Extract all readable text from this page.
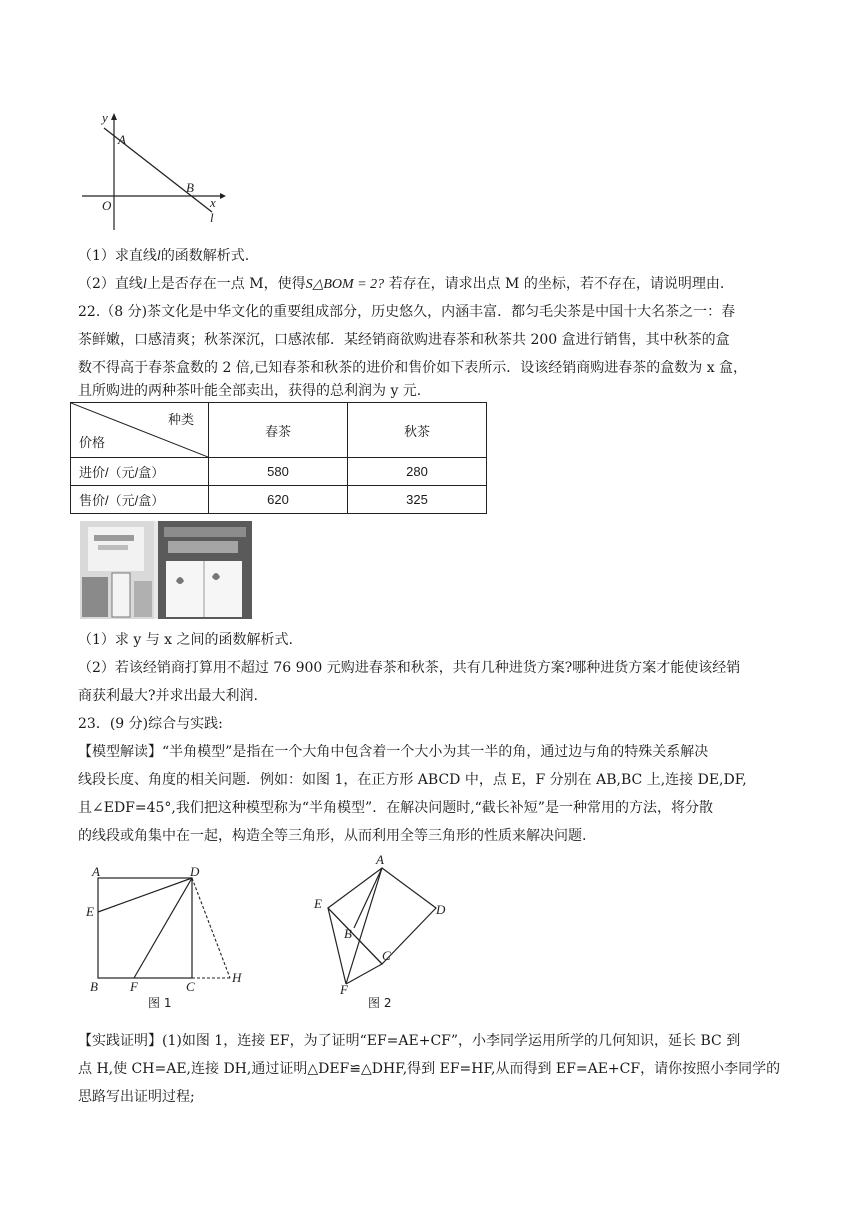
y
A
B
O	x
l

（1）求直线l的函数解析式.

（2）直线l上是否存在一点 M，使得S△BOM = 2? 若存在，请求出点 M 的坐标，若不存在，请说明理由.

22.（8 分)茶文化是中华文化的重要组成部分，历史悠久，内涵丰富．都匀毛尖茶是中国十大名茶之一：春

茶鲜嫩，口感清爽；秋茶深沉，口感浓郁．某经销商欲购进春茶和秋茶共 200 盒进行销售，其中秋茶的盒

数不得高于春茶盒数的 2 倍,已知春茶和秋茶的进价和售价如下表所示．设该经销商购进春茶的盒数为 x 盒，

且所购进的两种茶叶能全部卖出，获得的总利润为 y 元．

种类
价格	春茶	秋茶
进价/（元/盒）	580	280
售价/（元/盒）	620	325

（1）求 y 与 x 之间的函数解析式.

（2）若该经销商打算用不超过 76 900 元购进春茶和秋茶，共有几种进货方案?哪种进货方案才能使该经销

商获利最大?并求出最大利润.

23．(9 分)综合与实践:

【模型解读】“半角模型”是指在一个大角中包含着一个大小为其一半的角，通过边与角的特殊关系解决

线段长度、角度的相关问题．例如：如图 1，在正方形 ABCD 中，点 E，F 分别在 AB,BC 上,连接 DE,DF,

且∠EDF=45°,我们把这种模型称为“半角模型”．在解决问题时,“截长补短”是一种常用的方法，将分散

的线段或角集中在一起，构造全等三角形，从而利用全等三角形的性质来解决问题.

A	D
E
B F	C
H
图 1
A
E	D
B
C
F
图 2

【实践证明】(1)如图 1，连接 EF，为了证明“EF=AE+CF”，小李同学运用所学的几何知识，延长 BC 到

点 H,使 CH=AE,连接 DH,通过证明△DEF≌△DHF,得到 EF=HF,从而得到 EF=AE+CF，请你按照小李同学的

思路写出证明过程;
